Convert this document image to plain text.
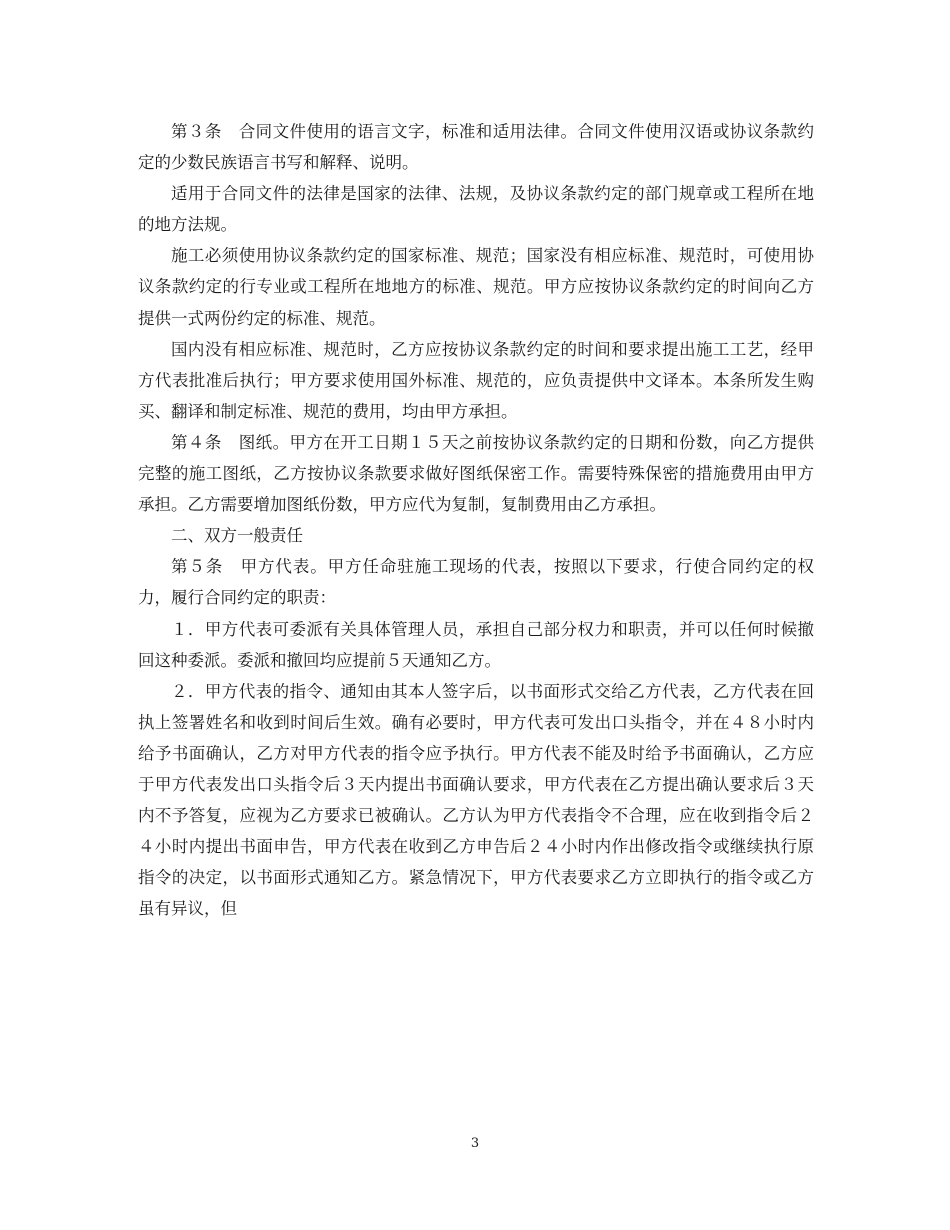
第３条　合同文件使用的语言文字，标准和适用法律。合同文件使用汉语或协议条款约定的少数民族语言书写和解释、说明。

适用于合同文件的法律是国家的法律、法规，及协议条款约定的部门规章或工程所在地的地方法规。

施工必须使用协议条款约定的国家标准、规范；国家没有相应标准、规范时，可使用协议条款约定的行专业或工程所在地地方的标准、规范。甲方应按协议条款约定的时间向乙方提供一式两份约定的标准、规范。

国内没有相应标准、规范时，乙方应按协议条款约定的时间和要求提出施工工艺，经甲方代表批准后执行；甲方要求使用国外标准、规范的，应负责提供中文译本。本条所发生购买、翻译和制定标准、规范的费用，均由甲方承担。

第４条　图纸。甲方在开工日期１５天之前按协议条款约定的日期和份数，向乙方提供完整的施工图纸，乙方按协议条款要求做好图纸保密工作。需要特殊保密的措施费用由甲方承担。乙方需要增加图纸份数，甲方应代为复制，复制费用由乙方承担。

二、双方一般责任

第５条　甲方代表。甲方任命驻施工现场的代表，按照以下要求，行使合同约定的权力，履行合同约定的职责：

１．甲方代表可委派有关具体管理人员，承担自己部分权力和职责，并可以任何时候撤回这种委派。委派和撤回均应提前５天通知乙方。

２．甲方代表的指令、通知由其本人签字后，以书面形式交给乙方代表，乙方代表在回执上签署姓名和收到时间后生效。确有必要时，甲方代表可发出口头指令，并在４８小时内给予书面确认，乙方对甲方代表的指令应予执行。甲方代表不能及时给予书面确认，乙方应于甲方代表发出口头指令后３天内提出书面确认要求，甲方代表在乙方提出确认要求后３天内不予答复，应视为乙方要求已被确认。乙方认为甲方代表指令不合理，应在收到指令后２４小时内提出书面申告，甲方代表在收到乙方申告后２４小时内作出修改指令或继续执行原指令的决定，以书面形式通知乙方。紧急情况下，甲方代表要求乙方立即执行的指令或乙方虽有异议，但

3
